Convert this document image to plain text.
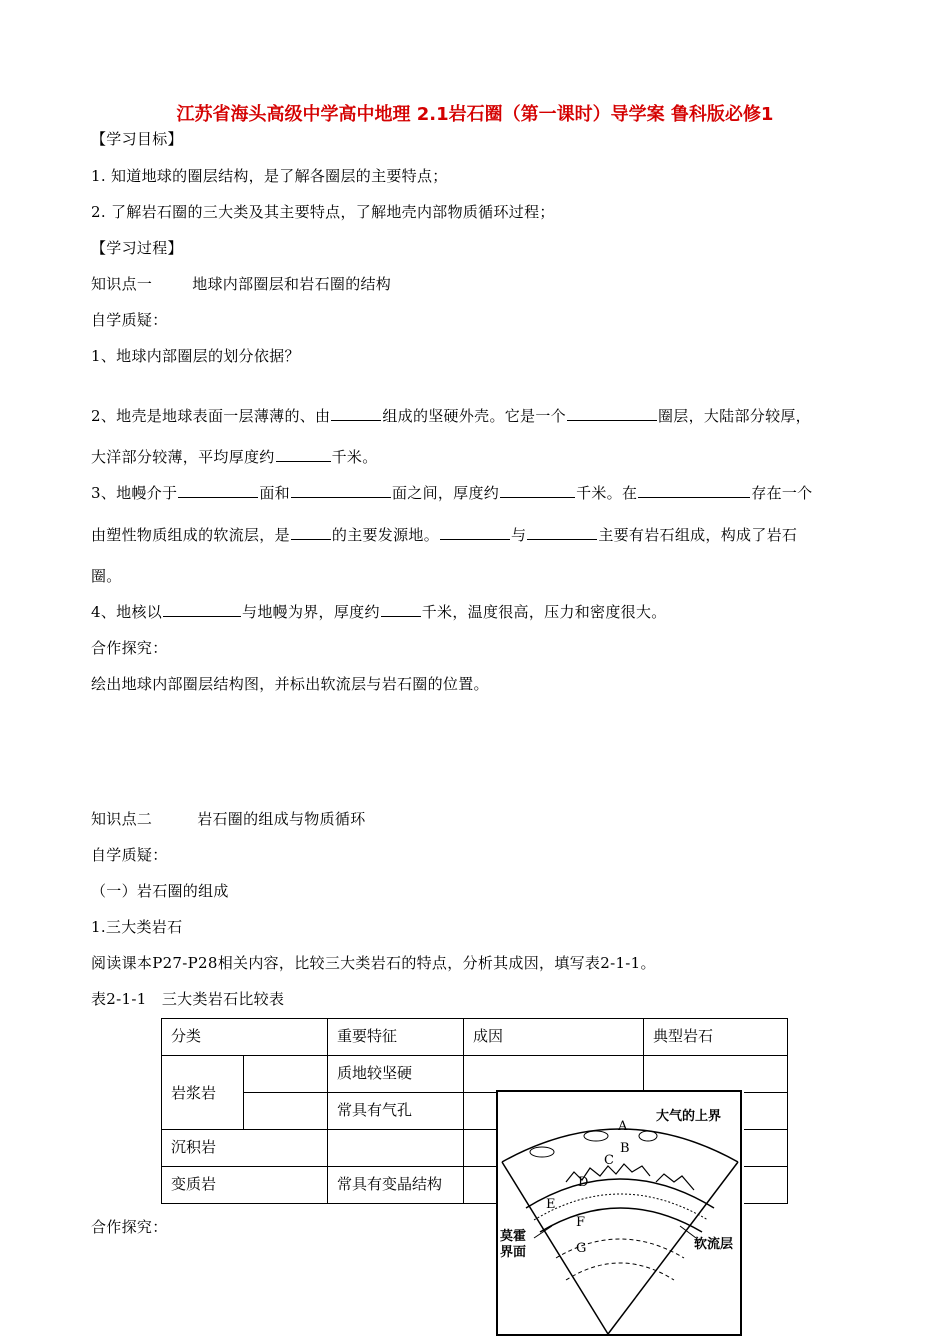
江苏省海头高级中学高中地理 2.1岩石圈（第一课时）导学案 鲁科版必修1
【学习目标】
1. 知道地球的圈层结构，是了解各圈层的主要特点；
2. 了解岩石圈的三大类及其主要特点，了解地壳内部物质循环过程；
【学习过程】
知识点一	地球内部圈层和岩石圈的结构
自学质疑：
1、地球内部圈层的划分依据？
2、地壳是地球表面一层薄薄的、由	组成的坚硬外壳。它是一个	圈层，大陆部分较厚，
大洋部分较薄，平均厚度约	千米。
3、地幔介于	面和	面之间，厚度约	千米。在	存在一个
由塑性物质组成的软流层，是	的主要发源地。	与	主要有岩石组成，构成了岩石
圈。
4、地核以	与地幔为界，厚度约	千米，温度很高，压力和密度很大。
合作探究：
绘出地球内部圈层结构图，并标出软流层与岩石圈的位置。
知识点二	岩石圈的组成与物质循环
自学质疑：
（一）岩石圈的组成
1.三大类岩石
阅读课本P27-P28相关内容，比较三大类岩石的特点，分析其成因，填写表2-1-1。
表2-1-1　三大类岩石比较表
分类		重要特征	成因	典型岩石
岩浆岩		质地较坚硬		
		常具有气孔		
沉积岩				
变质岩		常具有变晶结构		
合作探究：
大气的上界
莫霍
界面
软流层
A
B
C
D
E
F
G
